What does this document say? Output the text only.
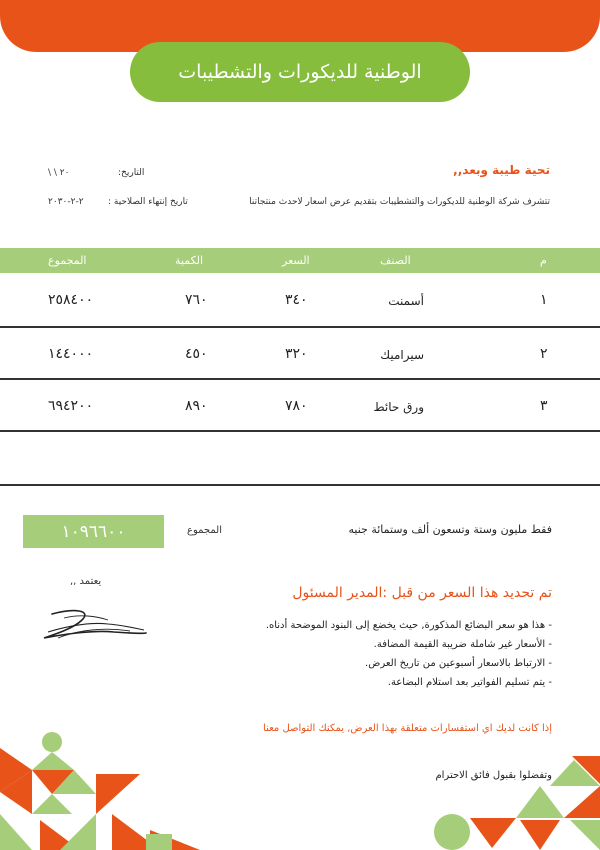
الوطنية للديكورات والتشطيبات
تحية طيبة وبعد,,
تتشرف شركة الوطنية للديكورات والتشطيبات بتقديم عرض اسعار لاحدث منتجاتنا
التاريخ:
٢٠ \ \
تاريخ إنتهاء الصلاحية :
٢-٢-٢٠٣٠
م
الصنف
السعر
الكمية
المجموع
١
أسمنت
٣٤٠
٧٦٠
٢٥٨٤٠٠
٢
سيراميك
٣٢٠
٤٥٠
١٤٤٠٠٠
٣
ورق حائط
٧٨٠
٨٩٠
٦٩٤٢٠٠
١٠٩٦٦٠٠	المجموع	فقط مليون وستة وتسعون ألف وستمائة جنيه
يعتمد ,,
تم تحديد هذا السعر من قبل :المدير المسئول
- هذا هو سعر البضائع المذكورة, حيث يخضع إلى البنود الموضحة أدناه.
- الأسعار غير شاملة ضريبة القيمة المضافة.
- الارتباط بالاسعار أسبوعين من تاريخ العرض.
- يتم تسليم الفواتير بعد استلام البضاعة.
إذا كانت لديك اي استفسارات متعلقة بهذا العرض, يمكنك التواصل معنا
وتفضلوا بقبول فائق الاحترام
